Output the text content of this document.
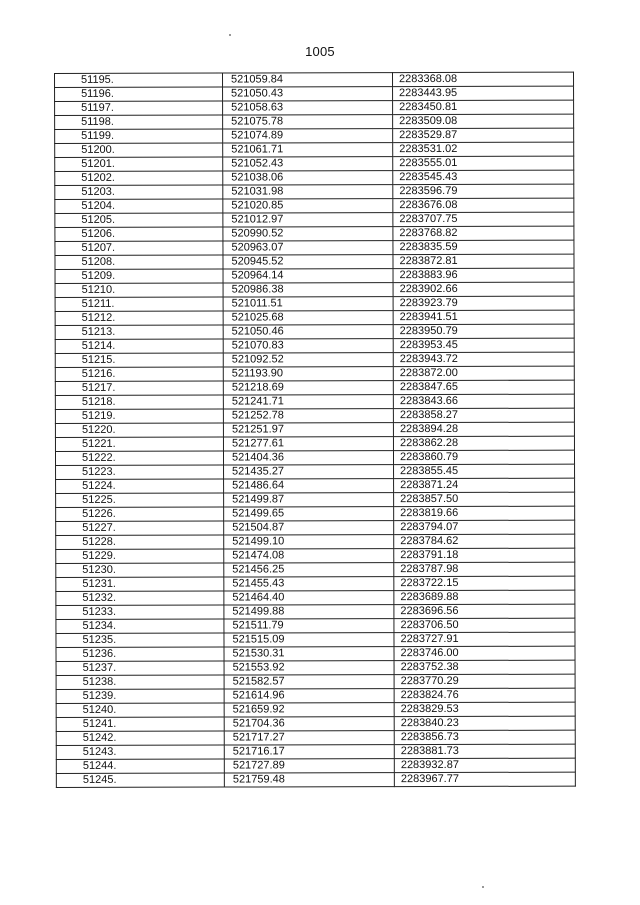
1005
51195.	521059.84	2283368.08
51196.	521050.43	2283443.95
51197.	521058.63	2283450.81
51198.	521075.78	2283509.08
51199.	521074.89	2283529.87
51200.	521061.71	2283531.02
51201.	521052.43	2283555.01
51202.	521038.06	2283545.43
51203.	521031.98	2283596.79
51204.	521020.85	2283676.08
51205.	521012.97	2283707.75
51206.	520990.52	2283768.82
51207.	520963.07	2283835.59
51208.	520945.52	2283872.81
51209.	520964.14	2283883.96
51210.	520986.38	2283902.66
51211.	521011.51	2283923.79
51212.	521025.68	2283941.51
51213.	521050.46	2283950.79
51214.	521070.83	2283953.45
51215.	521092.52	2283943.72
51216.	521193.90	2283872.00
51217.	521218.69	2283847.65
51218.	521241.71	2283843.66
51219.	521252.78	2283858.27
51220.	521251.97	2283894.28
51221.	521277.61	2283862.28
51222.	521404.36	2283860.79
51223.	521435.27	2283855.45
51224.	521486.64	2283871.24
51225.	521499.87	2283857.50
51226.	521499.65	2283819.66
51227.	521504.87	2283794.07
51228.	521499.10	2283784.62
51229.	521474.08	2283791.18
51230.	521456.25	2283787.98
51231.	521455.43	2283722.15
51232.	521464.40	2283689.88
51233.	521499.88	2283696.56
51234.	521511.79	2283706.50
51235.	521515.09	2283727.91
51236.	521530.31	2283746.00
51237.	521553.92	2283752.38
51238.	521582.57	2283770.29
51239.	521614.96	2283824.76
51240.	521659.92	2283829.53
51241.	521704.36	2283840.23
51242.	521717.27	2283856.73
51243.	521716.17	2283881.73
51244.	521727.89	2283932.87
51245.	521759.48	2283967.77
